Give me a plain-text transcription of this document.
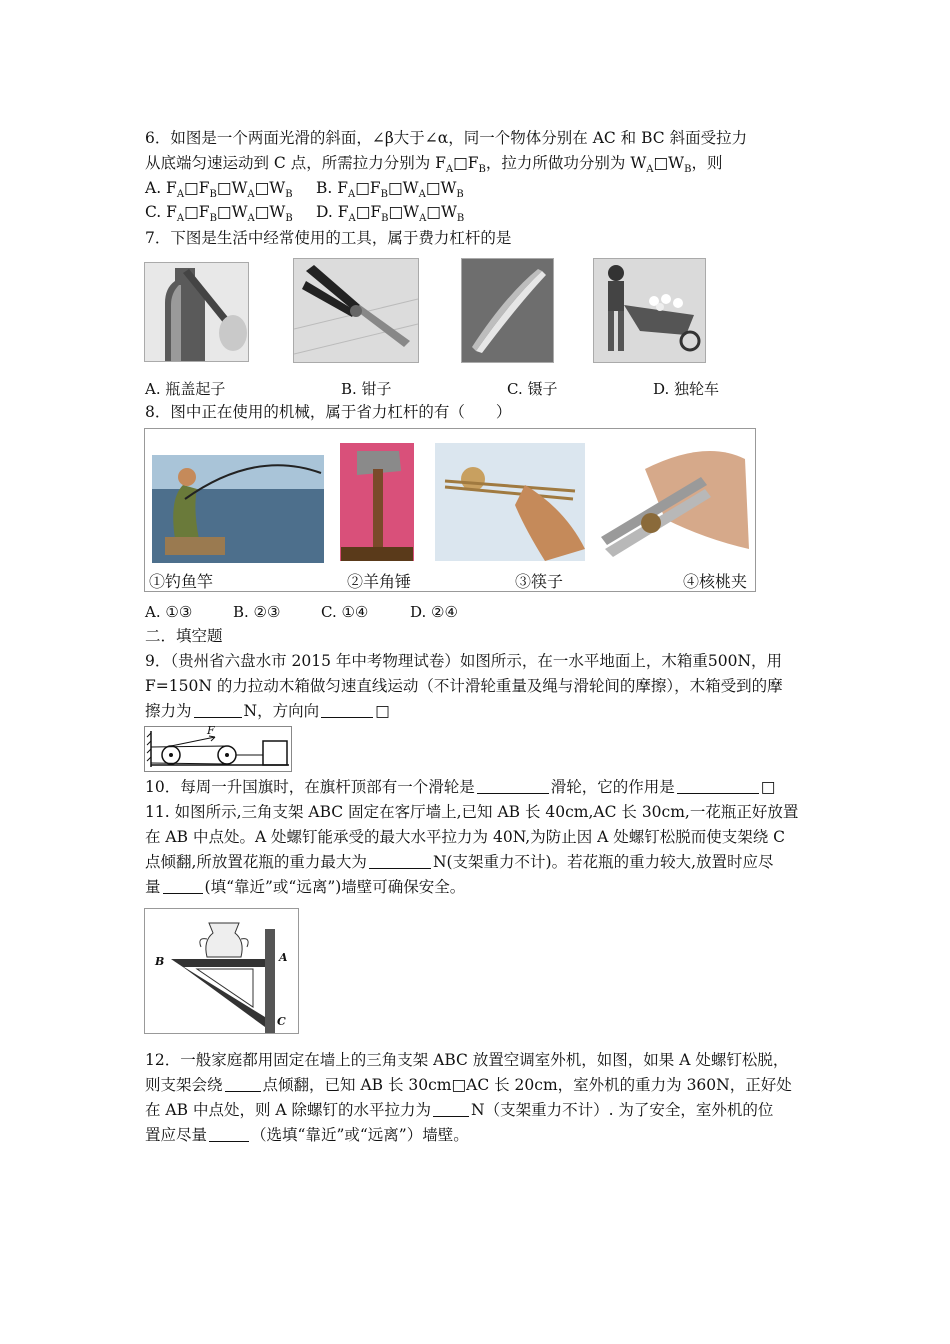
6．如图是一个两面光滑的斜面，∠β大于∠α，同一个物体分别在 AC 和 BC 斜面受拉力
从底端匀速运动到 C 点，所需拉力分别为 $F_A□F_B$，拉力所做功分别为 $W_A□W_B$，则
A. $F_A□F_B□W_A□W_B$ B. $F_A□F_B□W_A□W_B$
C. $F_A□F_B□W_A□W_B$ D. $F_A□F_B□W_A□W_B$
7．下图是生活中经常使用的工具，属于费力杠杆的是
A. 瓶盖起子	B. 钳子	C. 镊子	D. 独轮车
8．图中正在使用的机械，属于省力杠杆的有（　　）
①钓鱼竿	②羊角锤	③筷子	④核桃夹
A. ①③	B. ②③	C. ①④	D. ②④
二．填空题
9．（贵州省六盘水市 2015 年中考物理试卷）如图所示，在一水平地面上，木箱重500N，用
F=150N 的力拉动木箱做匀速直线运动（不计滑轮重量及绳与滑轮间的摩擦），木箱受到的摩
擦力为	N，方向向	□
F
10．每周一升国旗时，在旗杆顶部有一个滑轮是	滑轮，它的作用是	□
11. 如图所示,三角支架 ABC 固定在客厅墙上,已知 AB 长 40cm,AC 长 30cm,一花瓶正好放置
在 AB 中点处。A 处螺钉能承受的最大水平拉力为 40N,为防止因 A 处螺钉松脱而使支架绕 C
点倾翻,所放置花瓶的重力最大为	N(支架重力不计)。若花瓶的重力较大,放置时应尽
量	(填“靠近”或“远离”)墙壁可确保安全。
B	A
C
12．一般家庭都用固定在墙上的三角支架 ABC 放置空调室外机，如图，如果 A 处螺钉松脱，
则支架会绕	点倾翻，已知 AB 长 30cm□AC 长 20cm，室外机的重力为 360N，正好处
在 AB 中点处，则 A 除螺钉的水平拉力为	N（支架重力不计）. 为了安全，室外机的位
置应尽量	（选填“靠近”或“远离”）墙壁。
